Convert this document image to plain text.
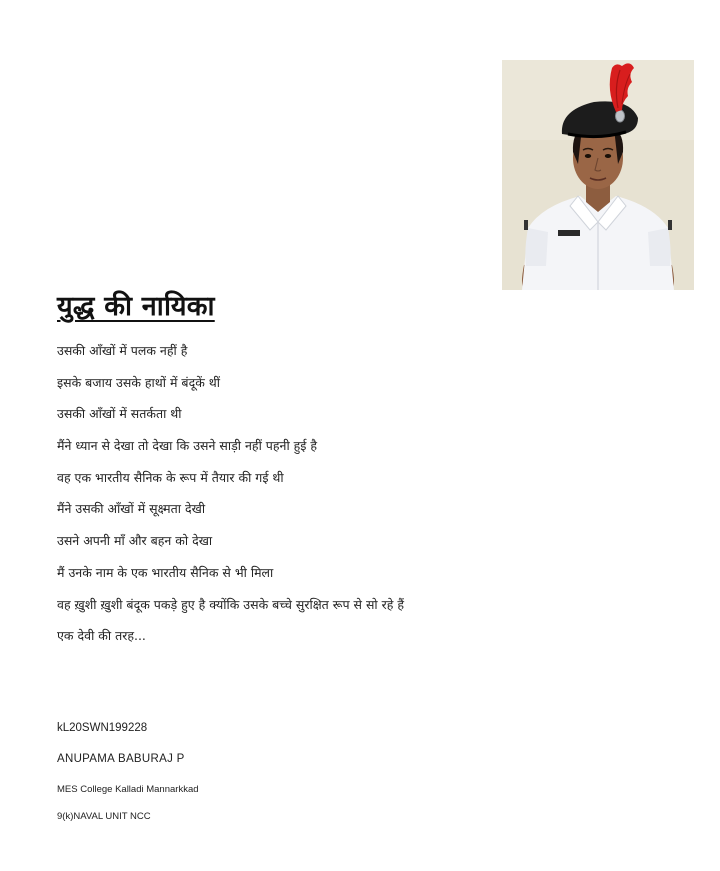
युद्ध की नायिका
उसकी आँखों में पलक नहीं है
इसके बजाय उसके हाथों में बंदूकें थीं
उसकी आँखों में सतर्कता थी
मैंने ध्यान से देखा तो देखा कि उसने साड़ी नहीं पहनी हुई है
वह एक भारतीय सैनिक के रूप में तैयार की गई थी
मैंने उसकी आँखों में सूक्ष्मता देखी
उसने अपनी माँ और बहन को देखा
मैं उनके नाम के एक भारतीय सैनिक से भी मिला
वह ख़ुशी ख़ुशी बंदूक पकड़े हुए है क्योंकि उसके बच्चे सुरक्षित रूप से सो रहे हैं
एक देवी की तरह...
kL20SWN199228
ANUPAMA BABURAJ P
MES College Kalladi Mannarkkad
9(k)NAVAL UNIT NCC
